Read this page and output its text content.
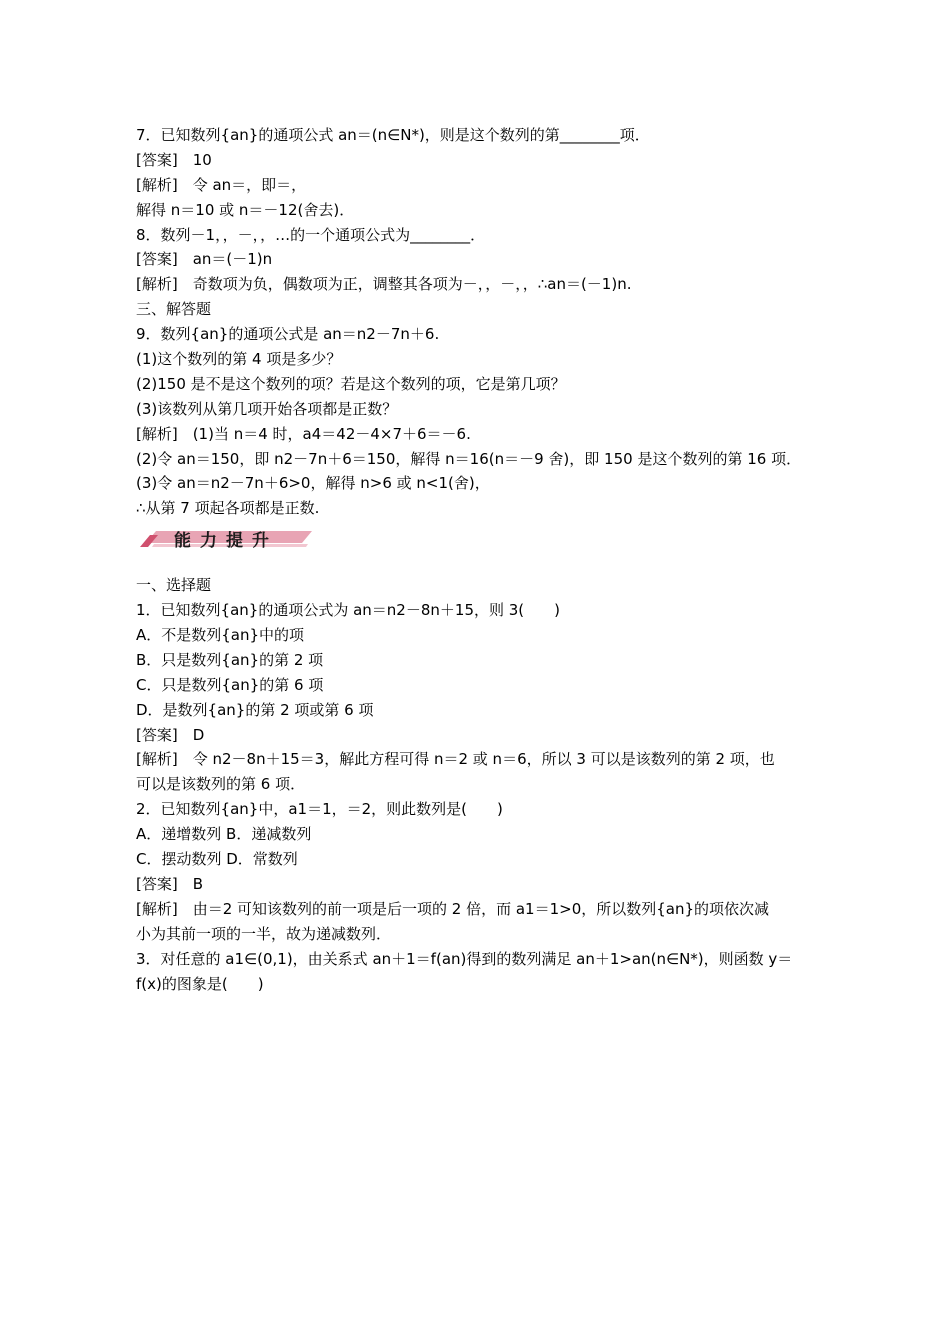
7．已知数列{an}的通项公式 an＝(n∈N*)，则是这个数列的第________项．
[答案]　10
[解析]　令 an＝，即＝，
解得 n＝10 或 n＝－12(舍去)．
8．数列－1，，－，，…的一个通项公式为________．
[答案]　an＝(－1)n
[解析]　奇数项为负，偶数项为正，调整其各项为－，，－，，∴an＝(－1)n.
三、解答题
9．数列{an}的通项公式是 an＝n2－7n＋6.
(1)这个数列的第 4 项是多少？
(2)150 是不是这个数列的项？若是这个数列的项，它是第几项？
(3)该数列从第几项开始各项都是正数？
[解析]　(1)当 n＝4 时，a4＝42－4×7＋6＝－6.
(2)令 an＝150，即 n2－7n＋6＝150，解得 n＝16(n＝－9 舍)，即 150 是这个数列的第 16 项．
(3)令 an＝n2－7n＋6>0，解得 n>6 或 n<1(舍)，
∴从第 7 项起各项都是正数.
能力提升
一、选择题
1．已知数列{an}的通项公式为 an＝n2－8n＋15，则 3(　　)
A．不是数列{an}中的项
B．只是数列{an}的第 2 项
C．只是数列{an}的第 6 项
D．是数列{an}的第 2 项或第 6 项
[答案]　D
[解析]　令 n2－8n＋15＝3，解此方程可得 n＝2 或 n＝6，所以 3 可以是该数列的第 2 项，也
可以是该数列的第 6 项．
2．已知数列{an}中，a1＝1，＝2，则此数列是(　　)
A．递增数列 B．递减数列
C．摆动数列 D．常数列
[答案]　B
[解析]　由＝2 可知该数列的前一项是后一项的 2 倍，而 a1＝1>0，所以数列{an}的项依次减
小为其前一项的一半，故为递减数列．
3．对任意的 a1∈(0,1)，由关系式 an＋1＝f(an)得到的数列满足 an＋1>an(n∈N*)，则函数 y＝
f(x)的图象是(　　)
